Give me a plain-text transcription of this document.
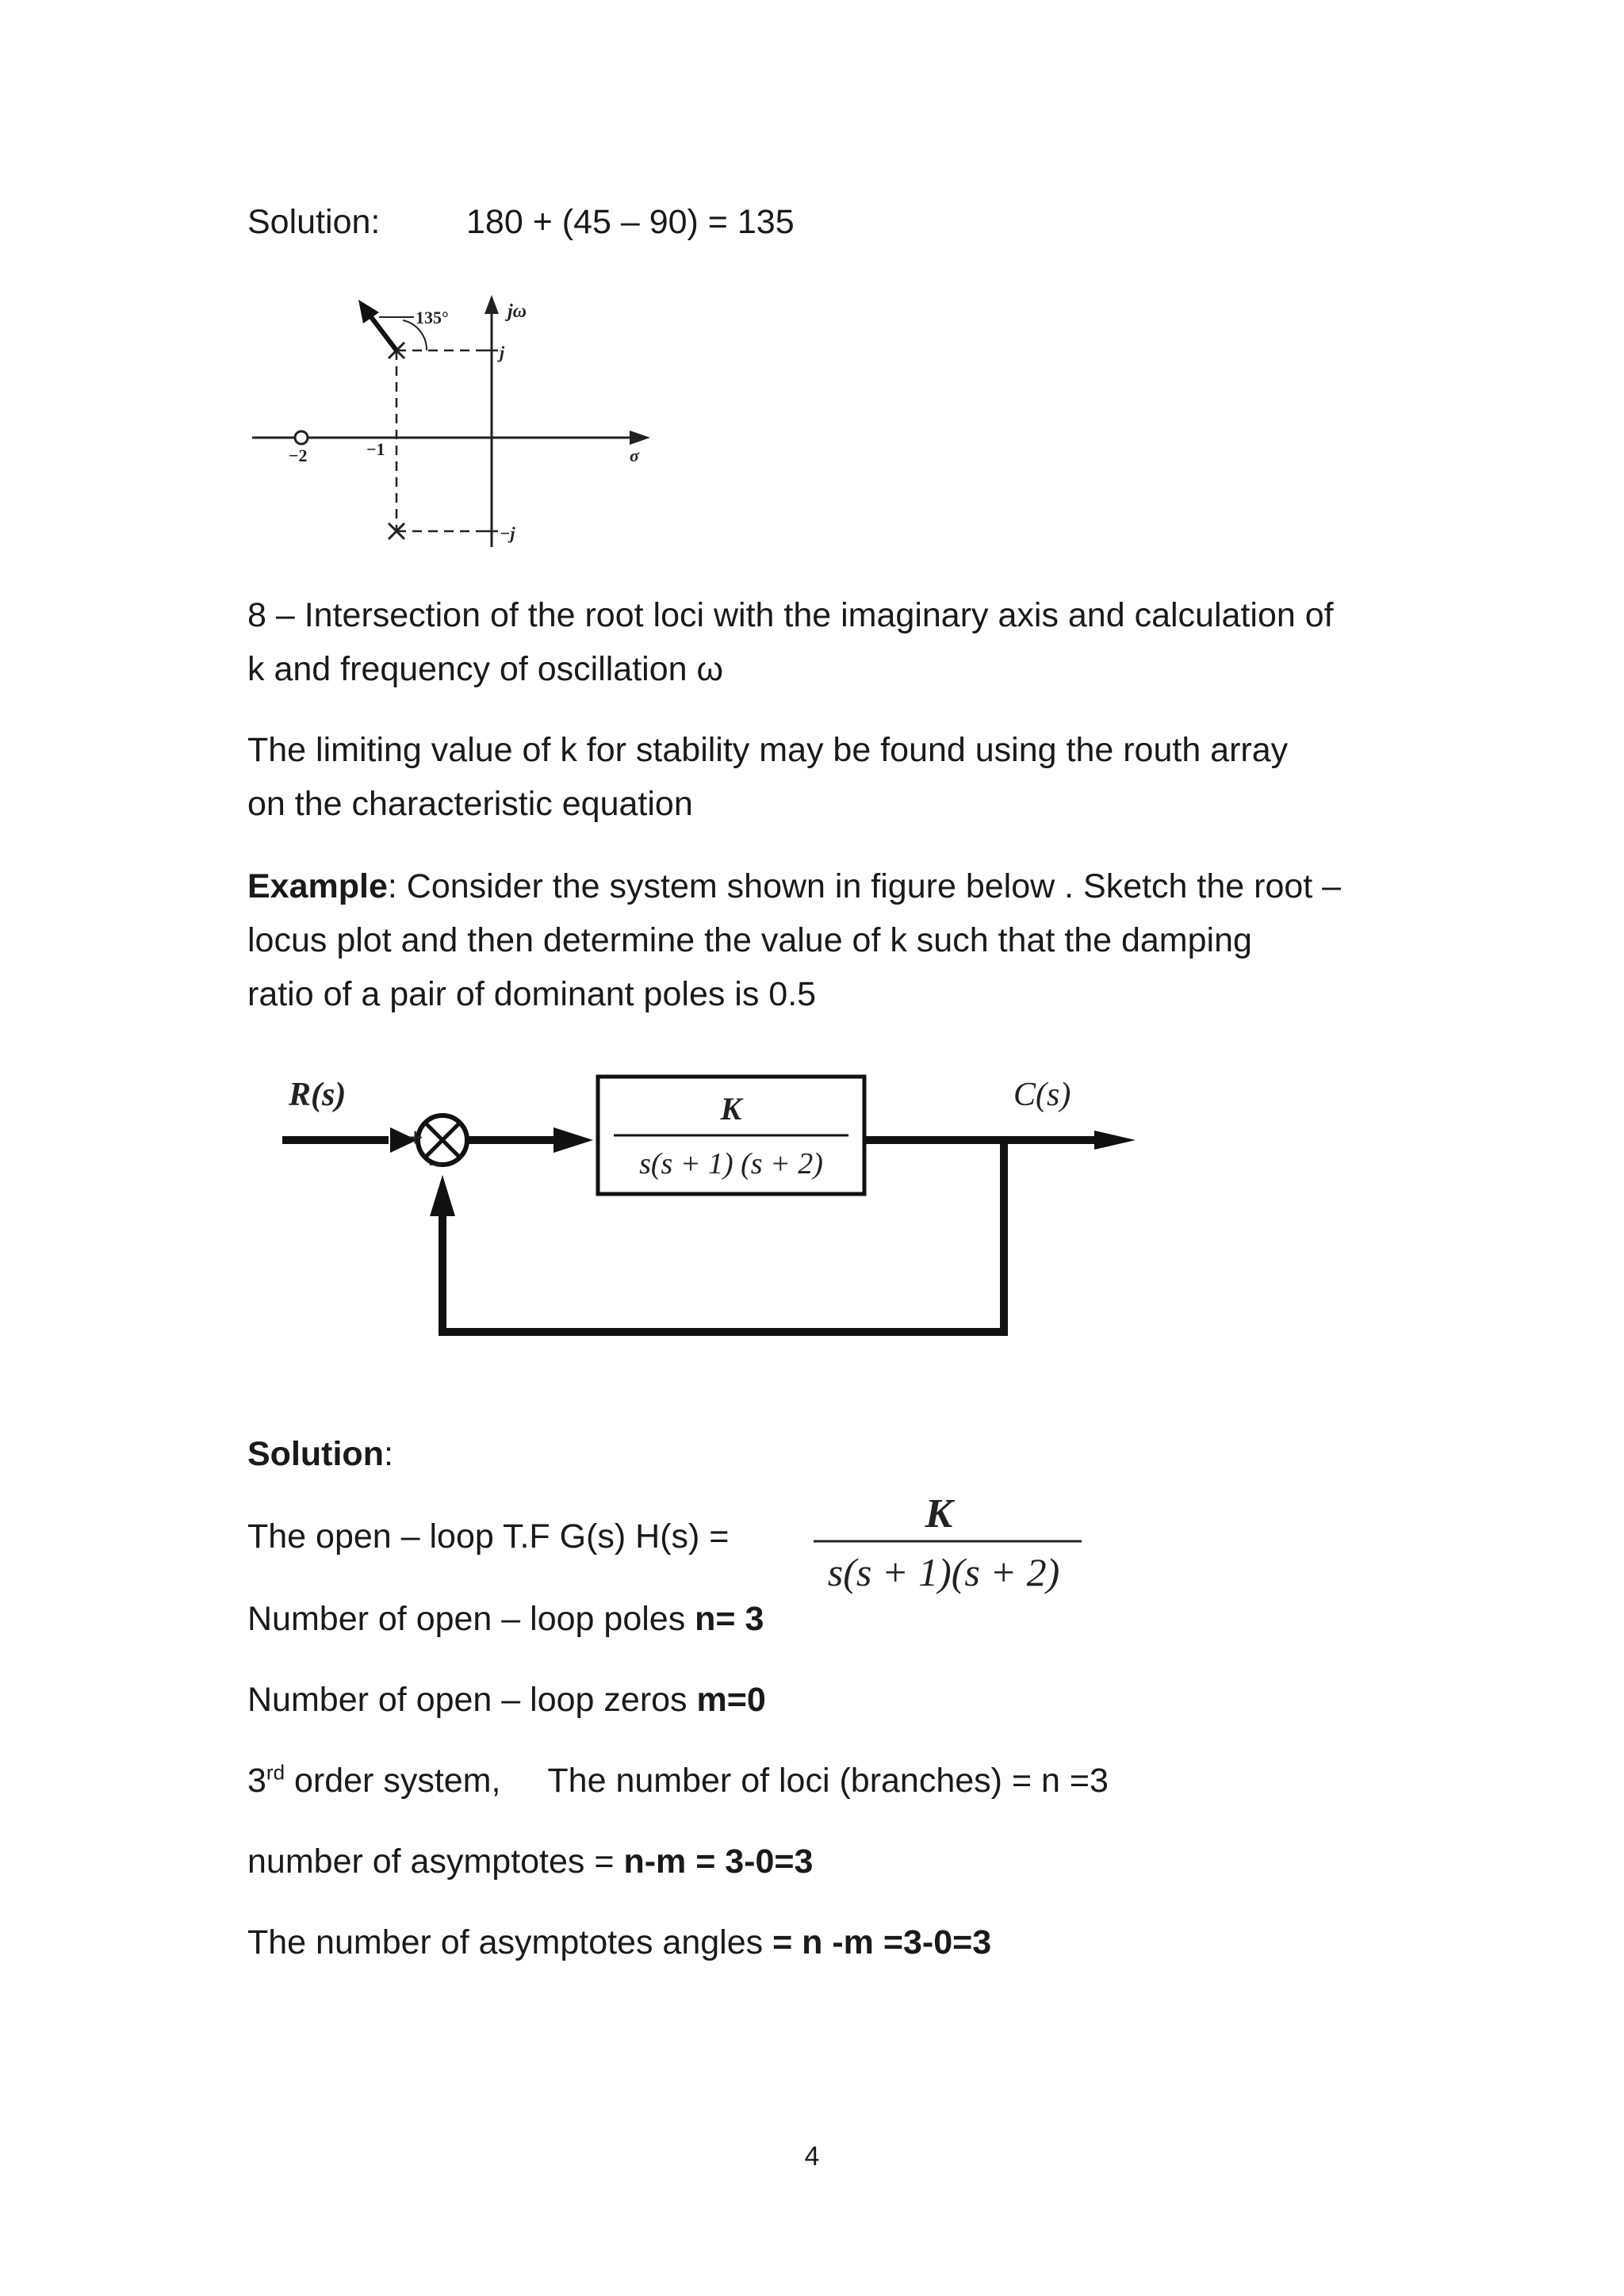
Solution:	180 + (45 – 90) = 135
135°	jω
j
−j
σ
−2	−1
8 – Intersection of the root loci with the imaginary axis and calculation of
k and frequency of oscillation ω
The limiting value of k for stability may be found using the routh array
on the characteristic equation
Example: Consider the system shown in figure below . Sketch the root –
locus plot and then determine the value of k such that the damping
ratio of a pair of dominant poles is 0.5
R(s)
+
−
K
s(s + 1) (s + 2)
C(s)
Solution:
The open – loop T.F G(s) H(s) =	K
s(s + 1)(s + 2)
Number of open – loop poles n= 3
Number of open – loop zeros m=0
3rd order system,     The number of loci (branches) = n =3
number of asymptotes = n-m = 3-0=3
The number of asymptotes angles = n -m =3-0=3
4
